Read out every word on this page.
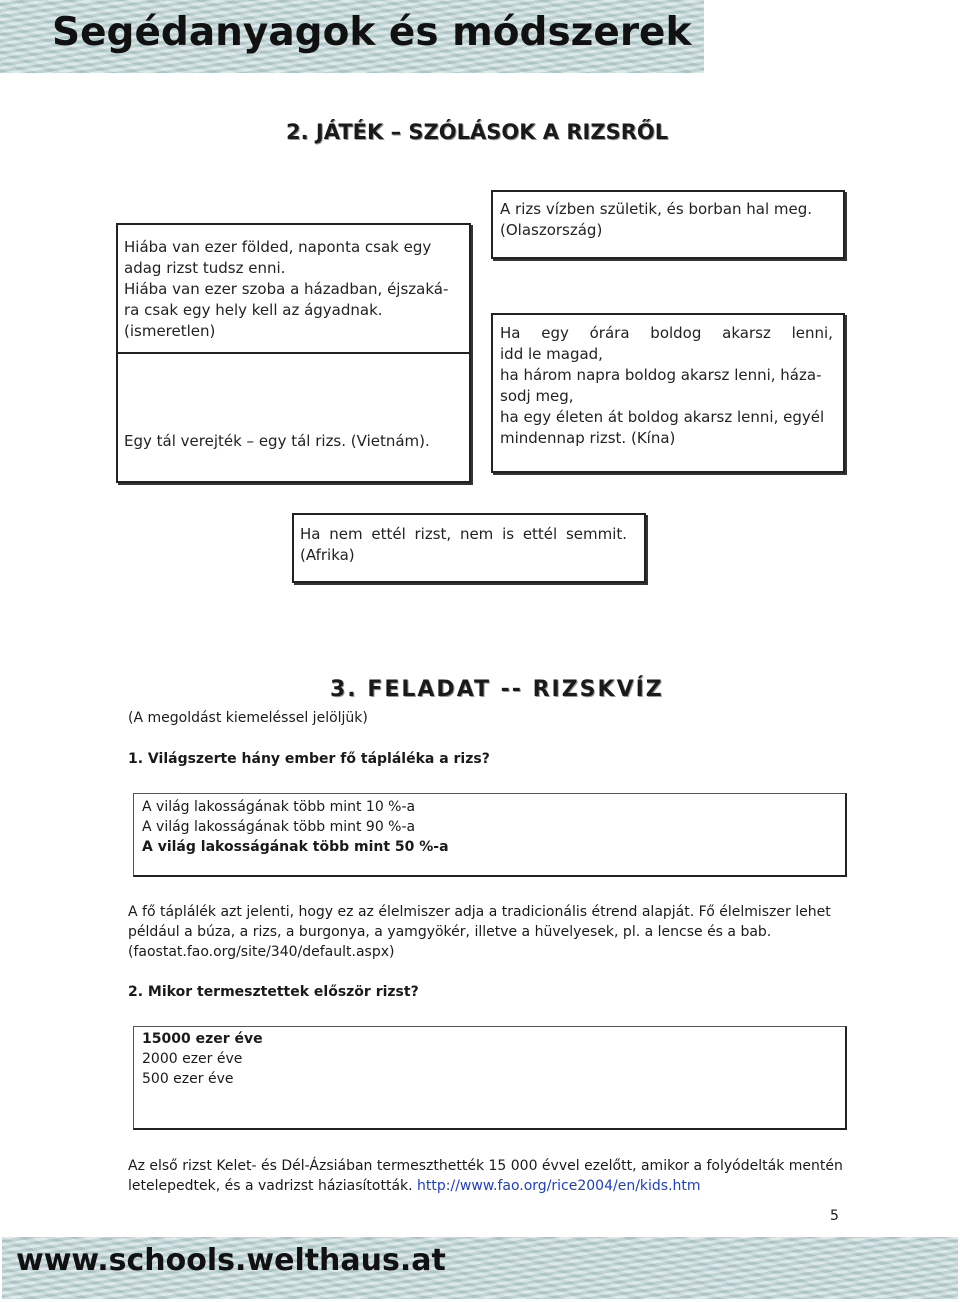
Segédanyagok és módszerek
2. JÁTÉK – SZÓLÁSOK A RIZSRŐL
Hiába van ezer földed, naponta csak egy
adag rizst tudsz enni.
Hiába van ezer szoba a házadban, éjszaká-
ra csak egy hely kell az ágyadnak.
(ismeretlen)
Egy tál verejték – egy tál rizs. (Vietnám).
A rizs vízben születik, és borban hal meg.
(Olaszország)
Ha egy órára boldog akarsz lenni,
idd le magad,
ha három napra boldog akarsz lenni, háza-
sodj meg,
ha egy életen át boldog akarsz lenni, egyél
mindennap rizst. (Kína)
Ha nem ettél rizst, nem is ettél semmit.
(Afrika)
3. FELADAT -- RIZSKVÍZ
(A megoldást kiemeléssel jelöljük)
1. Világszerte hány ember fő tápláléka a rizs?
A világ lakosságának több mint 10 %-a
A világ lakosságának több mint 90 %-a
A világ lakosságának több mint 50 %-a
A fő táplálék azt jelenti, hogy ez az élelmiszer adja a tradicionális étrend alapját. Fő élelmiszer lehet
például a búza, a rizs, a burgonya, a yamgyökér, illetve a hüvelyesek, pl. a lencse és a bab.
(faostat.fao.org/site/340/default.aspx)
2. Mikor termesztettek először rizst?
15000 ezer éve
2000 ezer éve
500 ezer éve
Az első rizst Kelet- és Dél-Ázsiában termeszthették 15 000 évvel ezelőtt, amikor a folyódelták mentén
letelepedtek, és a vadrizst háziasították. http://www.fao.org/rice2004/en/kids.htm
5
www.schools.welthaus.at
